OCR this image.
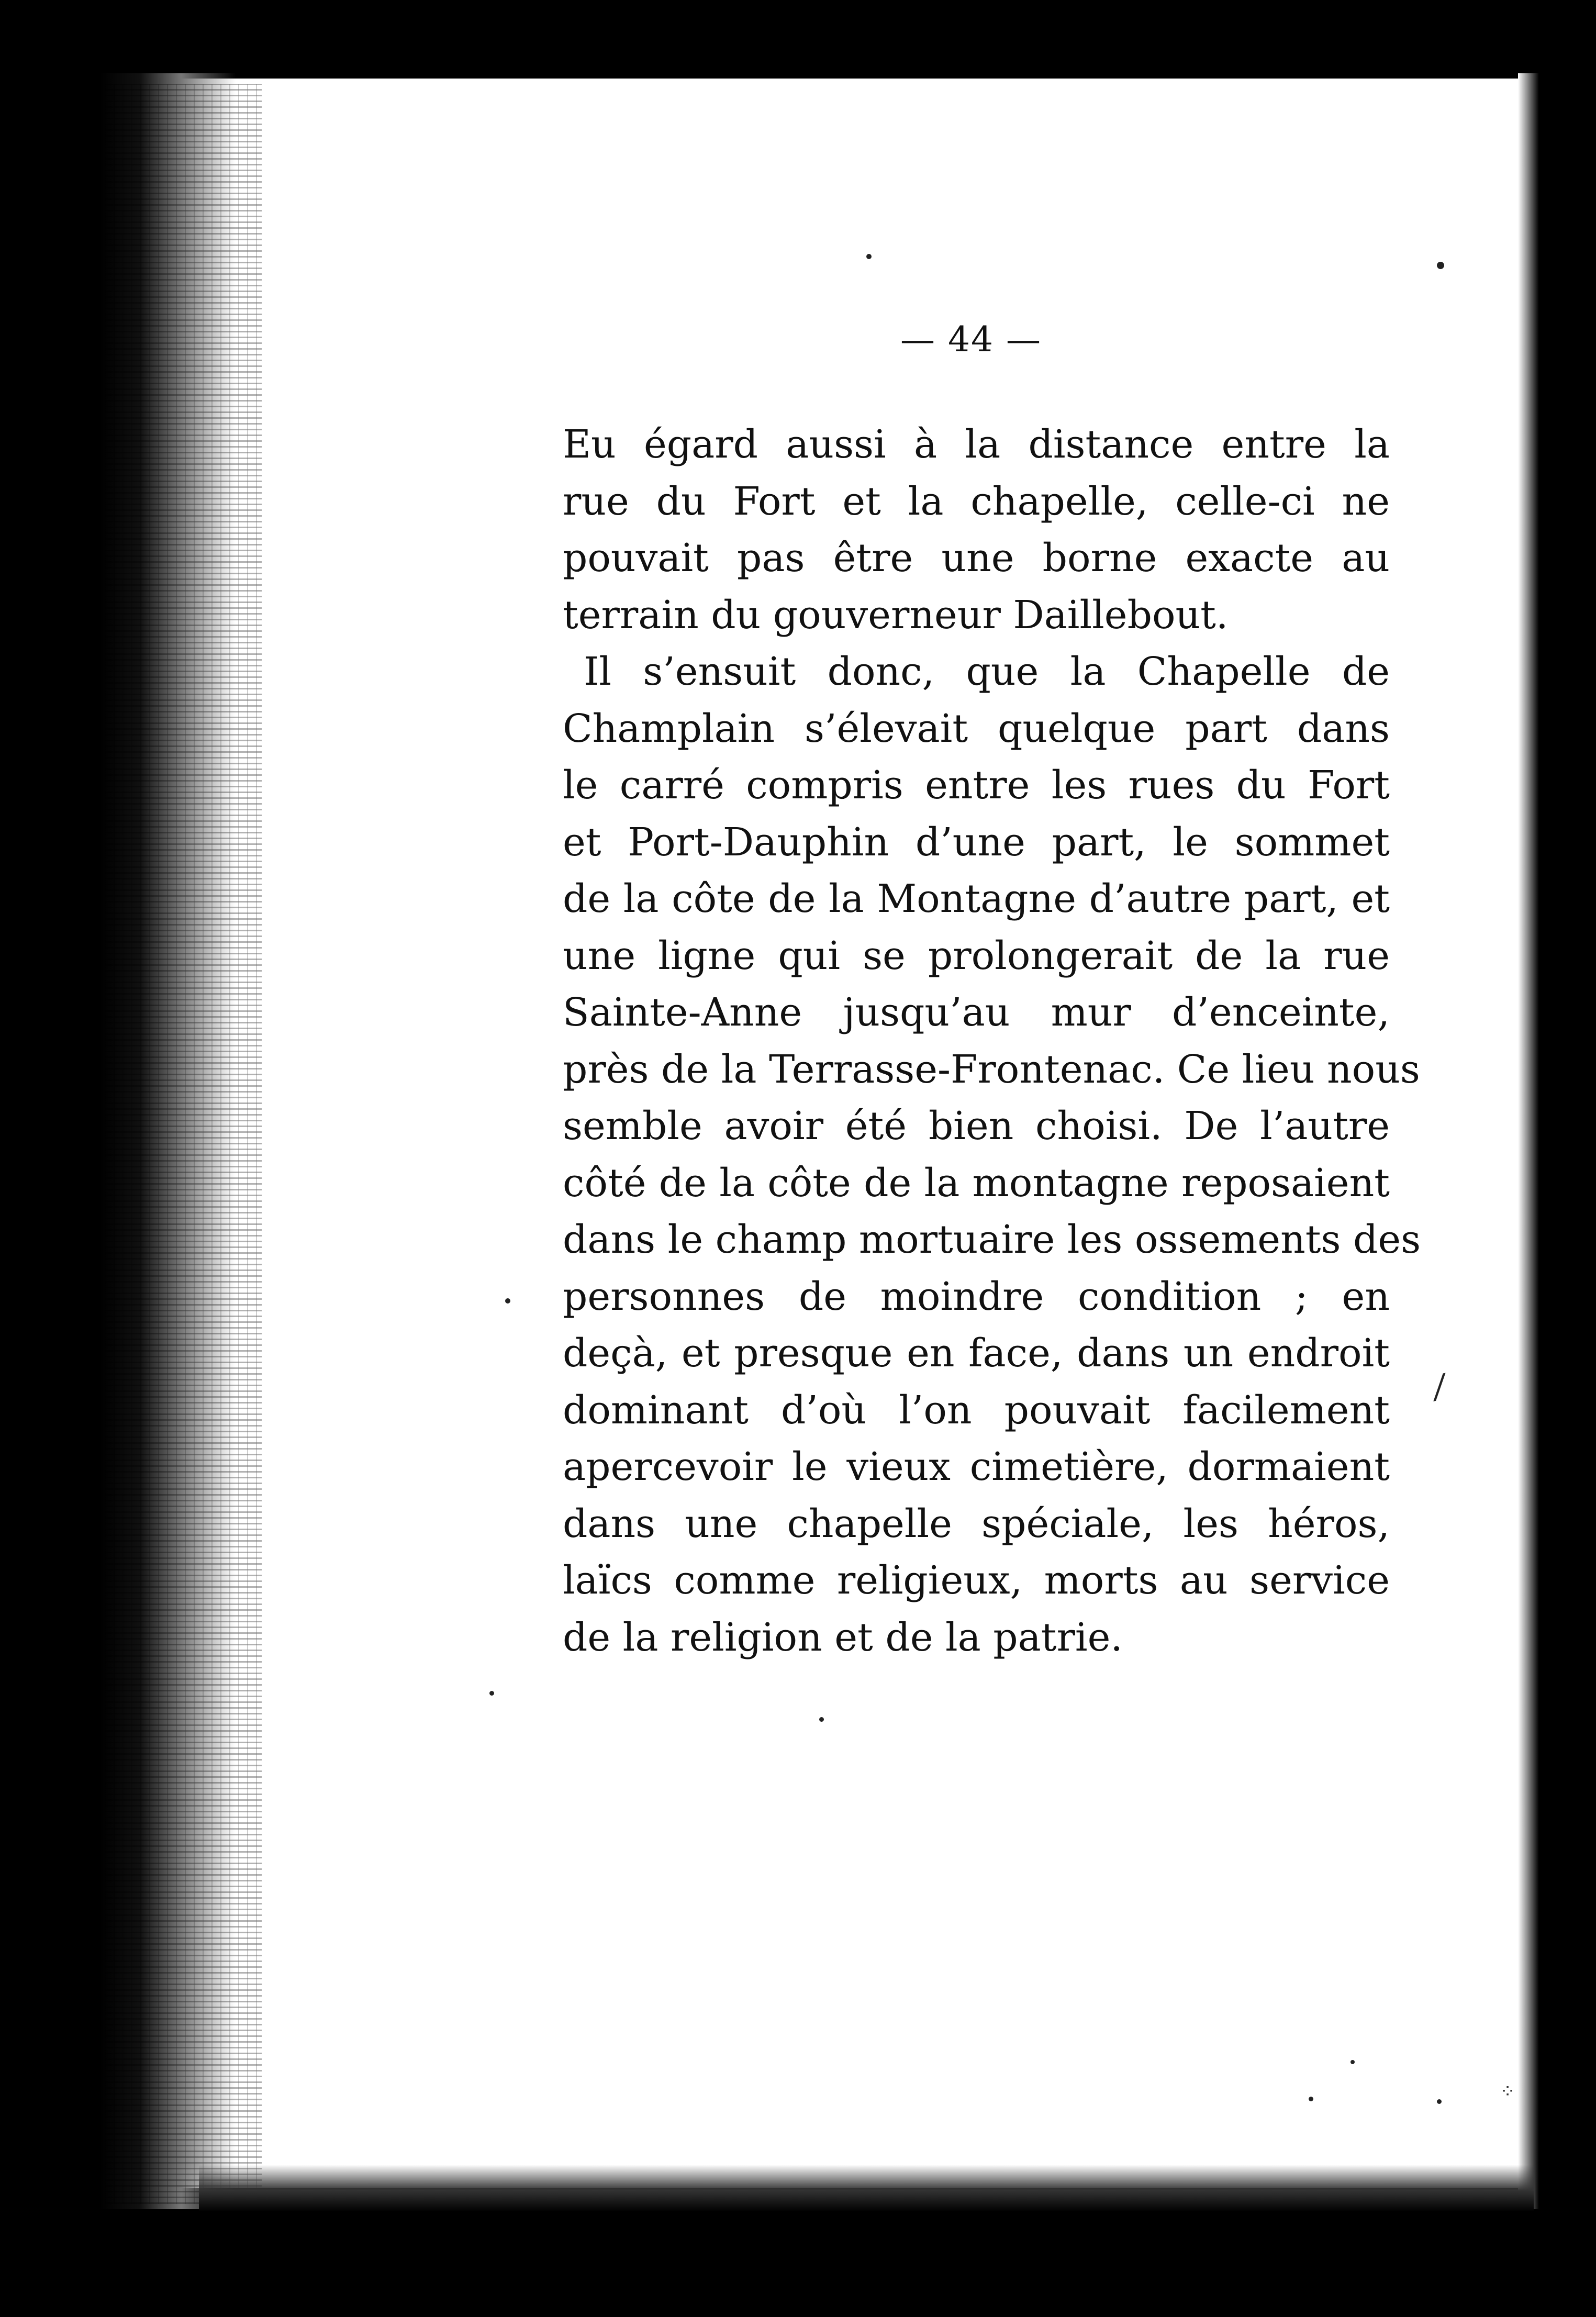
— 44 —
Eu égard aussi à la distance entre la
rue du Fort et la chapelle, celle-ci ne
pouvait pas être une borne exacte au
terrain du gouverneur Daillebout.
Il s’ensuit donc, que la Chapelle de
Champlain s’élevait quelque part dans
le carré compris entre les rues du Fort
et Port-Dauphin d’une part, le sommet
de la côte de la Montagne d’autre part, et
une ligne qui se prolongerait de la rue
Sainte-Anne jusqu’au mur d’enceinte,
près de la Terrasse-Frontenac. Ce lieu nous
semble avoir été bien choisi. De l’autre
côté de la côte de la montagne reposaient
dans le champ mortuaire les ossements des
personnes de moindre condition ; en
deçà, et presque en face, dans un endroit
dominant d’où l’on pouvait facilement
apercevoir le vieux cimetière, dormaient
dans une chapelle spéciale, les héros,
laïcs comme religieux, morts au service
de la religion et de la patrie.
⁄
⁘
